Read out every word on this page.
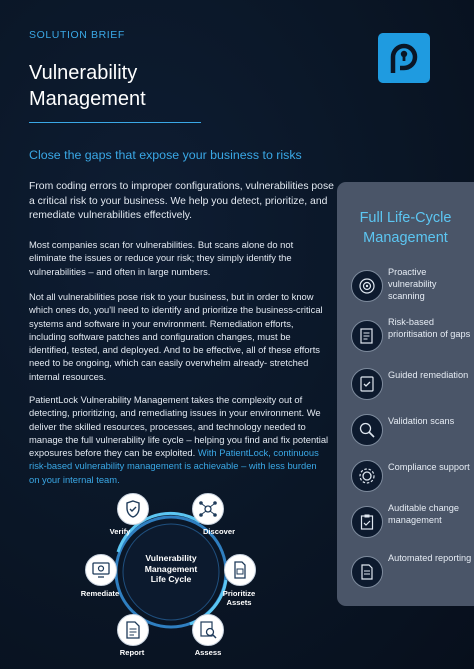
SOLUTION BRIEF
Vulnerability
Management
Close the gaps that expose your business to risks
From coding errors to improper configurations, vulnerabilities pose a critical risk to your business. We help you detect, prioritize, and remediate vulnerabilities effectively.
Most companies scan for vulnerabilities. But scans alone do not eliminate the issues or reduce your risk; they simply identify the vulnerabilities – and often in large numbers.
Not all vulnerabilities pose risk to your business, but in order to know which ones do, you'll need to identify and prioritize the business-critical systems and software in your environment. Remediation efforts, including software patches and configuration changes, must be identified, tested, and deployed. And to be effective, all of these efforts need to be ongoing, which can easily overwhelm already- stretched internal resources.
PatientLock Vulnerability Management takes the complexity out of detecting, prioritizing, and remediating issues in your environment. We deliver the skilled resources, processes, and technology needed to manage the full vulnerability life cycle – helping you find and fix potential exposures before they can be exploited. With PatientLock, continuous risk-based vulnerability management is achievable – with less burden on your internal team.
Full Life-Cycle
Management
Proactive vulnerability scanning
Risk-based prioritisation of gaps
Guided remediation
Validation scans
Compliance support
Auditable change management
Automated reporting
Vulnerability
Management
Life Cycle
Verify	Discover
Prioritize Assets
Assess
Report
Remediate
